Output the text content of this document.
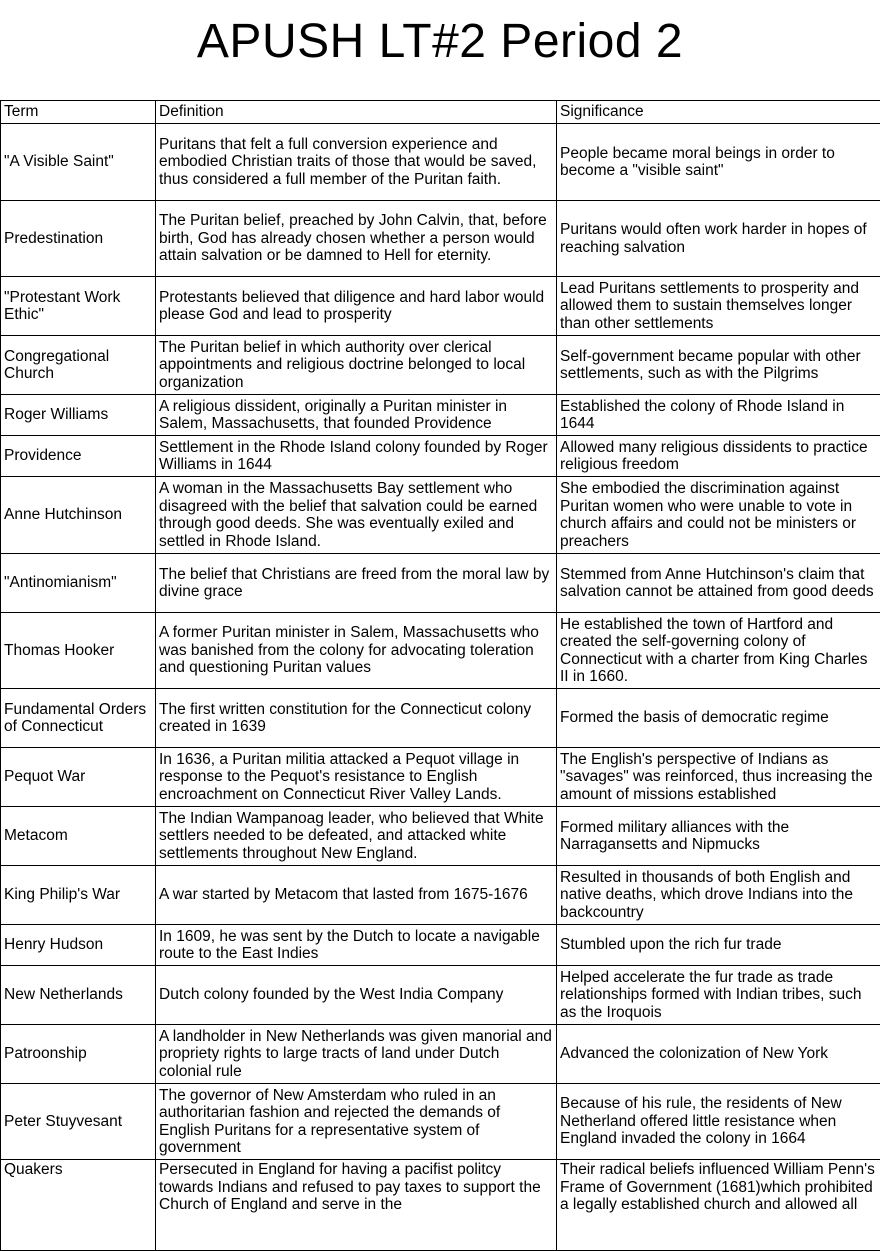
APUSH LT#2 Period 2
Term	Definition	Significance
"A Visible Saint"	Puritans that felt a full conversion experience and embodied Christian traits of those that would be saved, thus considered a full member of the Puritan faith.	People became moral beings in order to become a "visible saint"
Predestination	The Puritan belief, preached by John Calvin, that, before birth, God has already chosen whether a person would attain salvation or be damned to Hell for eternity.	Puritans would often work harder in hopes of reaching salvation
"Protestant Work Ethic"	Protestants believed that diligence and hard labor would please God and lead to prosperity	Lead Puritans settlements to prosperity and allowed them to sustain themselves longer than other settlements
Congregational Church	The Puritan belief in which authority over clerical appointments and religious doctrine belonged to local organization	Self-government became popular with other settlements, such as with the Pilgrims
Roger Williams	A religious dissident, originally a Puritan minister in Salem, Massachusetts, that founded Providence	Established the colony of Rhode Island in 1644
Providence	Settlement in the Rhode Island colony founded by Roger Williams in 1644	Allowed many religious dissidents to practice religious freedom
Anne Hutchinson	A woman in the Massachusetts Bay settlement who disagreed with the belief that salvation could be earned through good deeds. She was eventually exiled and settled in Rhode Island.	She embodied the discrimination against Puritan women who were unable to vote in church affairs and could not be ministers or preachers
"Antinomianism"	The belief that Christians are freed from the moral law by divine grace	Stemmed from Anne Hutchinson's claim that salvation cannot be attained from good deeds
Thomas Hooker	A former Puritan minister in Salem, Massachusetts who was banished from the colony for advocating toleration and questioning Puritan values	He established the town of Hartford and created the self-governing colony of Connecticut with a charter from King Charles II in 1660.
Fundamental Orders of Connecticut	The first written constitution for the Connecticut colony created in 1639	Formed the basis of democratic regime
Pequot War	In 1636, a Puritan militia attacked a Pequot village in response to the Pequot's resistance to English encroachment on Connecticut River Valley Lands.	The English's perspective of Indians as "savages" was reinforced, thus increasing the amount of missions established
Metacom	The Indian Wampanoag leader, who believed that White settlers needed to be defeated, and attacked white settlements throughout New England.	Formed military alliances with the Narragansetts and Nipmucks
King Philip's War	A war started by Metacom that lasted from 1675-1676	Resulted in thousands of both English and native deaths, which drove Indians into the backcountry
Henry Hudson	In 1609, he was sent by the Dutch to locate a navigable route to the East Indies	Stumbled upon the rich fur trade
New Netherlands	Dutch colony founded by the West India Company	Helped accelerate the fur trade as trade relationships formed with Indian tribes, such as the Iroquois
Patroonship	A landholder in New Netherlands was given manorial and propriety rights to large tracts of land under Dutch colonial rule	Advanced the colonization of New York
Peter Stuyvesant	The governor of New Amsterdam who ruled in an authoritarian fashion and rejected the demands of English Puritans for a representative system of government	Because of his rule, the residents of New Netherland offered little resistance when England invaded the colony in 1664
Quakers	Persecuted in England for having a pacifist politcy towards Indians and refused to pay taxes to support the Church of England and serve in the	Their radical beliefs influenced William Penn's Frame of Government (1681)which prohibited a legally established church and allowed all
